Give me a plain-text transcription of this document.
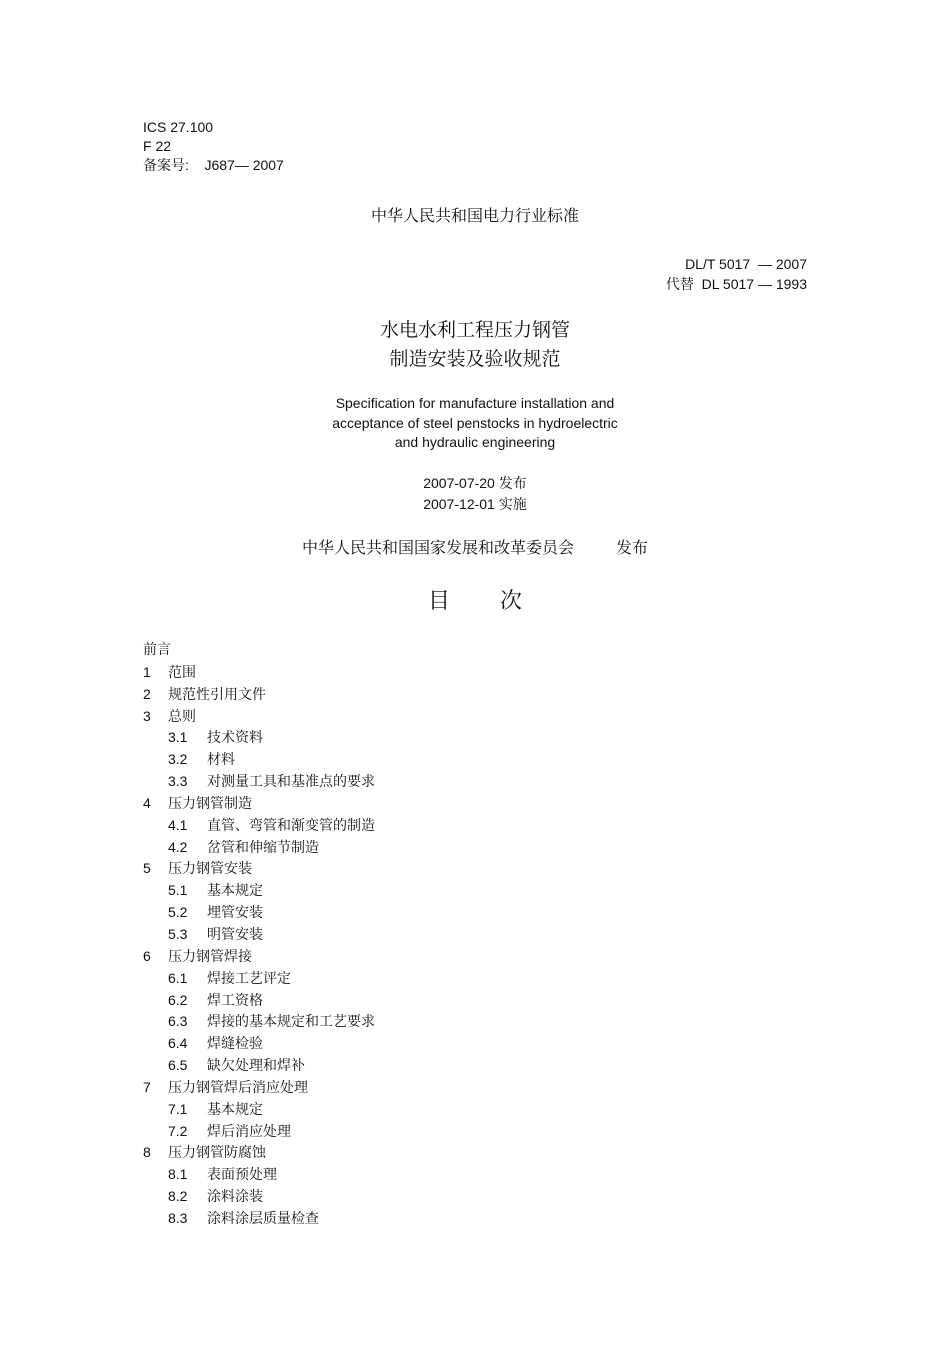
ICS 27.100
F 22
备案号:    J687— 2007
中华人民共和国电力行业标准
DL/T 5017  — 2007
代替  DL 5017 — 1993
水电水利工程压力钢管
制造安装及验收规范
Specification for manufacture installation and
acceptance of steel penstocks in hydroelectric
and hydraulic engineering
2007-07-20 发布
2007-12-01 实施
中华人民共和国国家发展和改革委员会	发布
目 次
前言
1 范围
2 规范性引用文件
3 总则
3.1 技术资料
3.2 材料
3.3 对测量工具和基准点的要求
4 压力钢管制造
4.1 直管、弯管和渐变管的制造
4.2 岔管和伸缩节制造
5 压力钢管安装
5.1 基本规定
5.2 埋管安装
5.3 明管安装
6 压力钢管焊接
6.1 焊接工艺评定
6.2 焊工资格
6.3 焊接的基本规定和工艺要求
6.4 焊缝检验
6.5 缺欠处理和焊补
7 压力钢管焊后消应处理
7.1 基本规定
7.2 焊后消应处理
8 压力钢管防腐蚀
8.1 表面预处理
8.2 涂料涂装
8.3 涂料涂层质量检查
